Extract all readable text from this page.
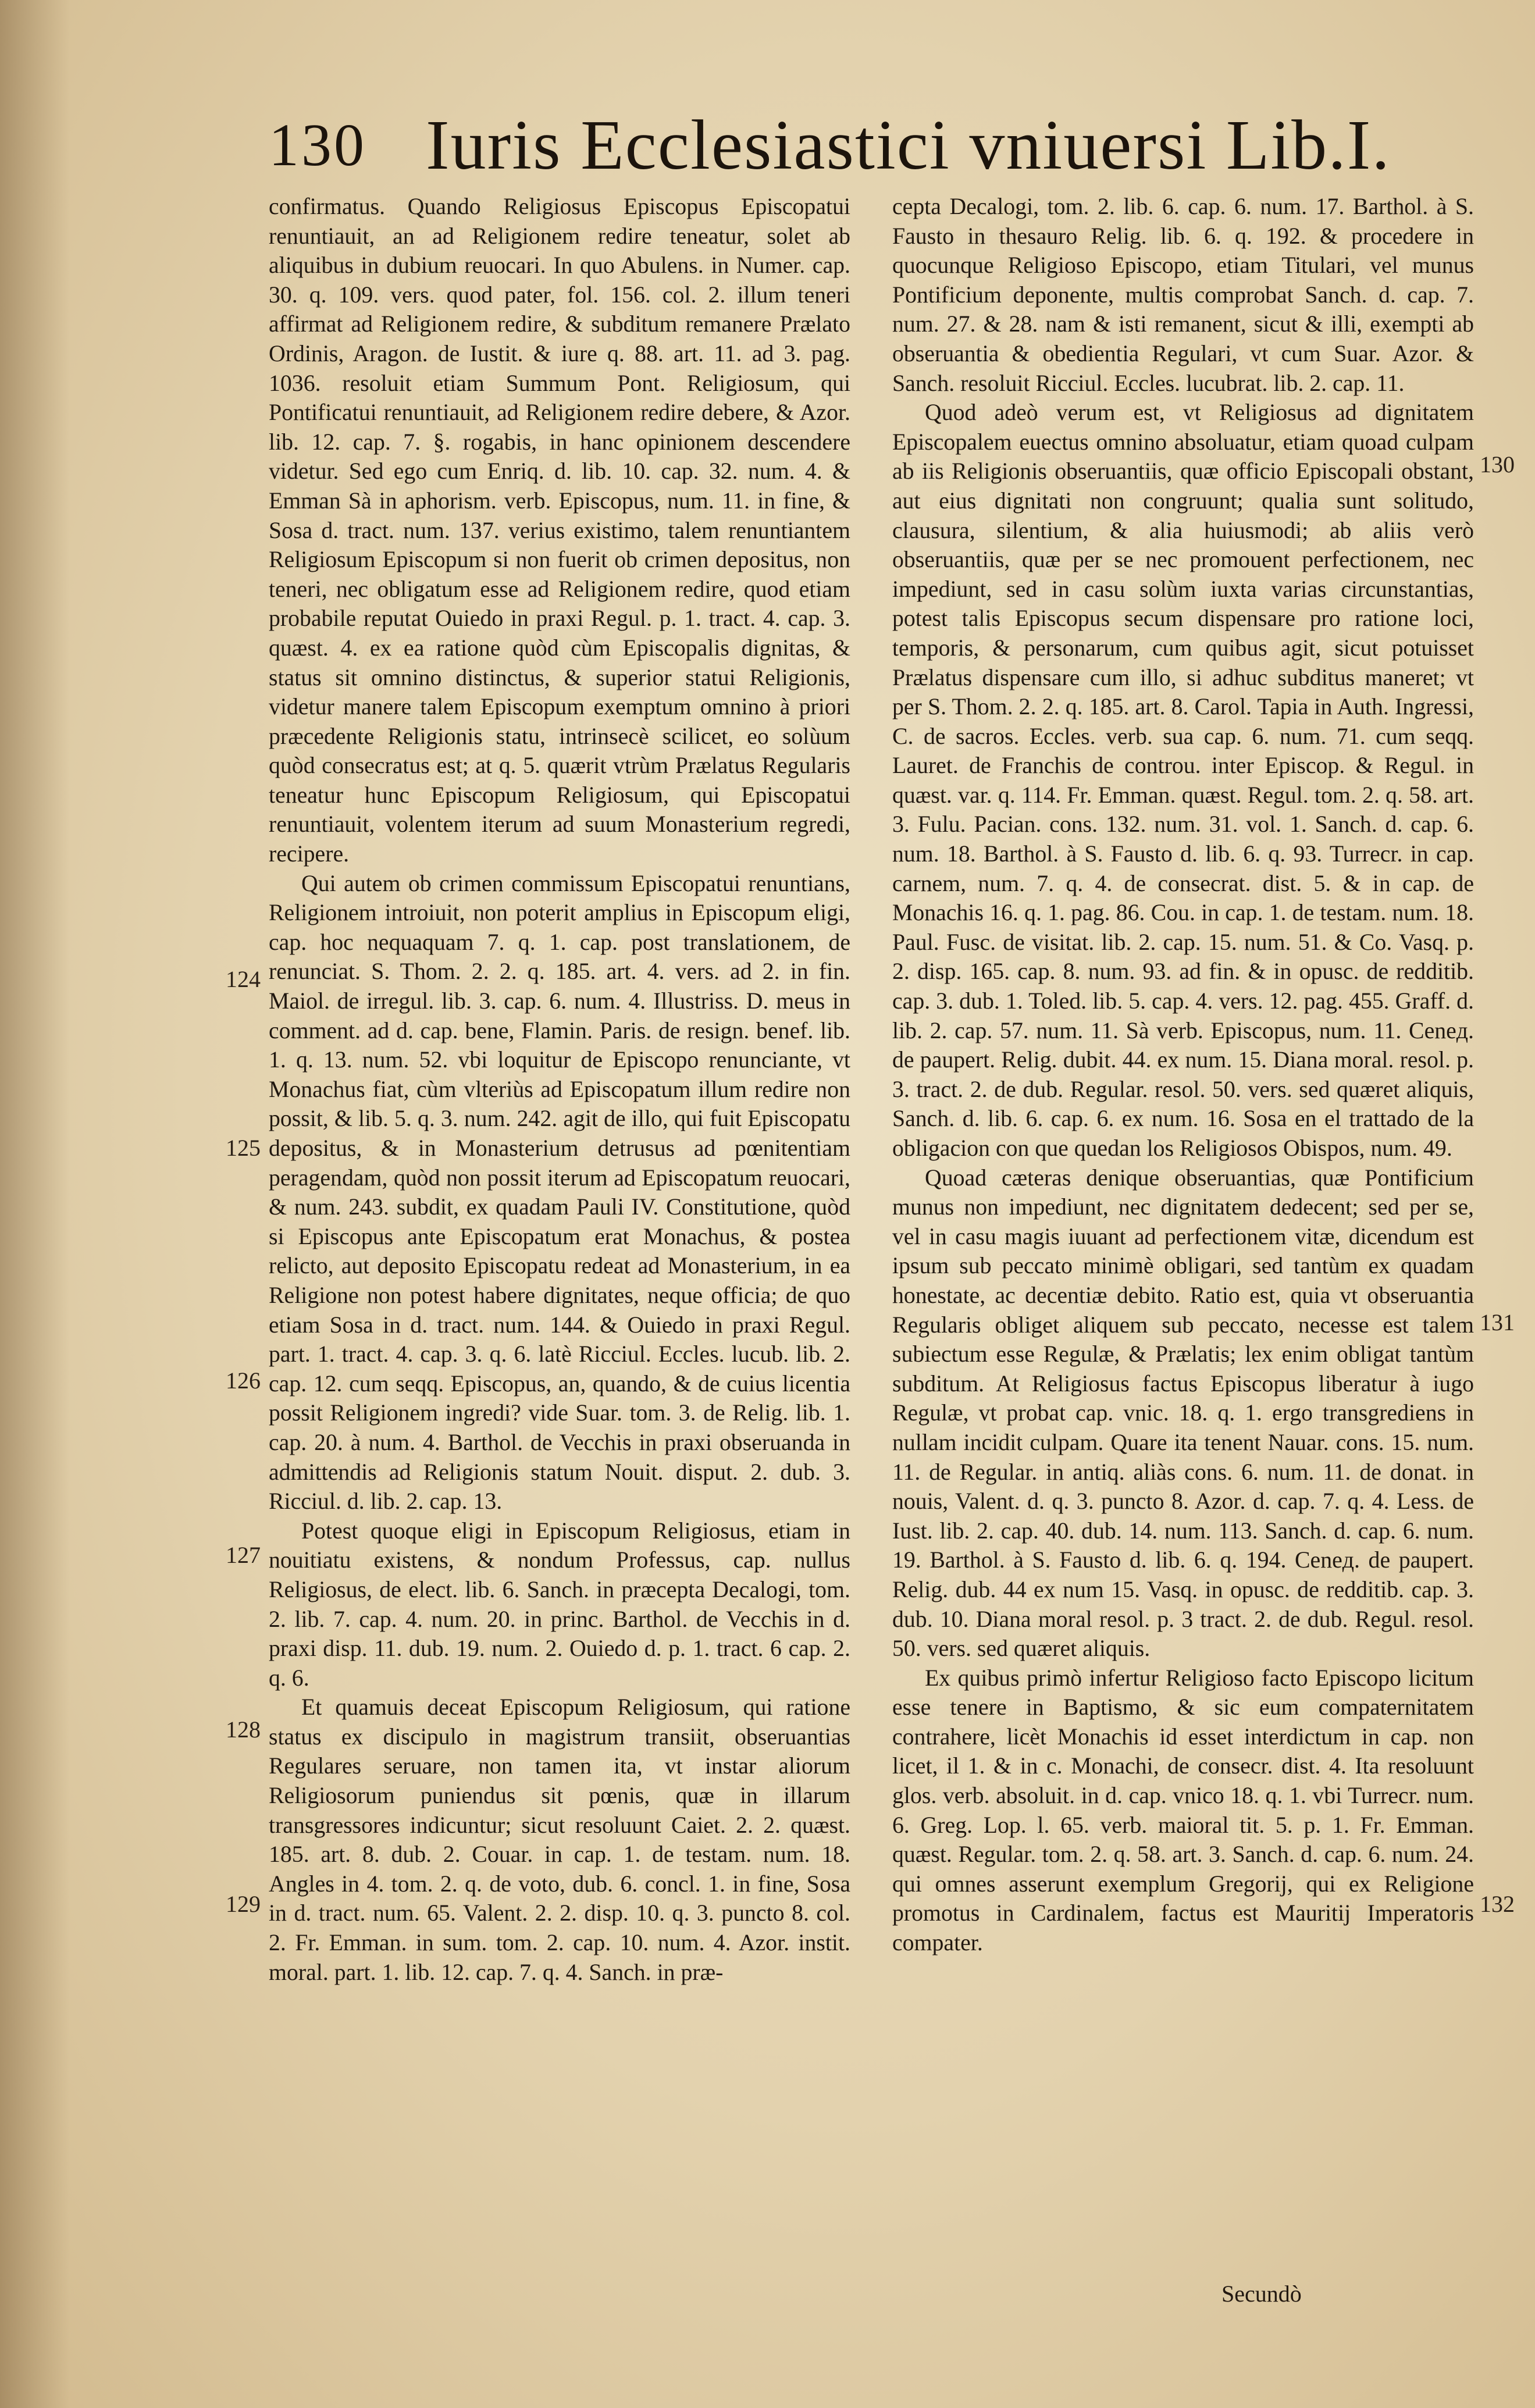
130 Iuris Ecclesiastici vniuersi Lib.I.

confirmatus. Quando Religiosus Episcopus Episcopatui renuntiauit, an ad Religionem redire teneatur, solet ab aliquibus in dubium reuocari. In quo Abulens. in Numer. cap. 30. q. 109. vers. quod pater, fol. 156. col. 2. illum teneri affirmat ad Religionem redire, & subditum remanere Prælato Ordinis, Aragon. de Iustit. & iure q. 88. art. 11. ad 3. pag. 1036. resoluit etiam Summum Pont. Religiosum, qui Pontificatui renuntiauit, ad Religionem redire debere, & Azor. lib. 12. cap. 7. §. rogabis, in hanc opinionem descendere videtur. Sed ego cum Enriq. d. lib. 10. cap. 32. num. 4. & Emman Sà in aphorism. verb. Episcopus, num. 11. in fine, & Sosa d. tract. num. 137. verius existimo, talem renuntiantem Religiosum Episcopum si non fuerit ob crimen depositus, non teneri, nec obligatum esse ad Religionem redire, quod etiam probabile reputat Ouiedo in praxi Regul. p. 1. tract. 4. cap. 3. quæst. 4. ex ea ratione quòd cùm Episcopalis dignitas, & status sit omnino distinctus, & superior statui Religionis, videtur manere talem Episcopum exemptum omnino à priori præcedente Religionis statu, intrinsecè scilicet, eo solùum quòd consecratus est; at q. 5. quærit vtrùm Prælatus Regularis teneatur hunc Episcopum Religiosum, qui Episcopatui renuntiauit, volentem iterum ad suum Monasterium regredi, recipere.

Qui autem ob crimen commissum Episcopatui renuntians, Religionem introiuit, non poterit amplius in Episcopum eligi, cap. hoc nequaquam 7. q. 1. cap. post translationem, de renunciat. S. Thom. 2. 2. q. 185. art. 4. vers. ad 2. in fin. Maiol. de irregul. lib. 3. cap. 6. num. 4. Illustriss. D. meus in comment. ad d. cap. bene, Flamin. Paris. de resign. benef. lib. 1. q. 13. num. 52. vbi loquitur de Episcopo renunciante, vt Monachus fiat, cùm vlteriùs ad Episcopatum illum redire non possit, & lib. 5. q. 3. num. 242. agit de illo, qui fuit Episcopatu depositus, & in Monasterium detrusus ad pœnitentiam peragendam, quòd non possit iterum ad Episcopatum reuocari, & num. 243. subdit, ex quadam Pauli IV. Constitutione, quòd si Episcopus ante Episcopatum erat Monachus, & postea relicto, aut deposito Episcopatu redeat ad Monasterium, in ea Religione non potest habere dignitates, neque officia; de quo etiam Sosa in d. tract. num. 144. & Ouiedo in praxi Regul. part. 1. tract. 4. cap. 3. q. 6. latè Ricciul. Eccles. lucub. lib. 2. cap. 12. cum seqq. Episcopus, an, quando, & de cuius licentia possit Religionem ingredi? vide Suar. tom. 3. de Relig. lib. 1. cap. 20. à num. 4. Barthol. de Vecchis in praxi obseruanda in admittendis ad Religionis statum Nouit. disput. 2. dub. 3. Ricciul. d. lib. 2. cap. 13.

Potest quoque eligi in Episcopum Religiosus, etiam in nouitiatu existens, & nondum Professus, cap. nullus Religiosus, de elect. lib. 6. Sanch. in præcepta Decalogi, tom. 2. lib. 7. cap. 4. num. 20. in princ. Barthol. de Vecchis in d. praxi disp. 11. dub. 19. num. 2. Ouiedo d. p. 1. tract. 6 cap. 2. q. 6.

Et quamuis deceat Episcopum Religiosum, qui ratione status ex discipulo in magistrum transiit, obseruantias Regulares seruare, non tamen ita, vt instar aliorum Religiosorum puniendus sit pœnis, quæ in illarum transgressores indicuntur; sicut resoluunt Caiet. 2. 2. quæst. 185. art. 8. dub. 2. Couar. in cap. 1. de testam. num. 18. Angles in 4. tom. 2. q. de voto, dub. 6. concl. 1. in fine, Sosa in d. tract. num. 65. Valent. 2. 2. disp. 10. q. 3. puncto 8. col. 2. Fr. Emman. in sum. tom. 2. cap. 10. num. 4. Azor. instit. moral. part. 1. lib. 12. cap. 7. q. 4. Sanch. in præ-

cepta Decalogi, tom. 2. lib. 6. cap. 6. num. 17. Barthol. à S. Fausto in thesauro Relig. lib. 6. q. 192. & procedere in quocunque Religioso Episcopo, etiam Titulari, vel munus Pontificium deponente, multis comprobat Sanch. d. cap. 7. num. 27. & 28. nam & isti remanent, sicut & illi, exempti ab obseruantia & obedientia Regulari, vt cum Suar. Azor. & Sanch. resoluit Ricciul. Eccles. lucubrat. lib. 2. cap. 11.

Quod adeò verum est, vt Religiosus ad dignitatem Episcopalem euectus omnino absoluatur, etiam quoad culpam ab iis Religionis obseruantiis, quæ officio Episcopali obstant, aut eius dignitati non congruunt; qualia sunt solitudo, clausura, silentium, & alia huiusmodi; ab aliis verò obseruantiis, quæ per se nec promouent perfectionem, nec impediunt, sed in casu solùm iuxta varias circunstantias, potest talis Episcopus secum dispensare pro ratione loci, temporis, & personarum, cum quibus agit, sicut potuisset Prælatus dispensare cum illo, si adhuc subditus maneret; vt per S. Thom. 2. 2. q. 185. art. 8. Carol. Tapia in Auth. Ingressi, C. de sacros. Eccles. verb. sua cap. 6. num. 71. cum seqq. Lauret. de Franchis de controu. inter Episcop. & Regul. in quæst. var. q. 114. Fr. Emman. quæst. Regul. tom. 2. q. 58. art. 3. Fulu. Pacian. cons. 132. num. 31. vol. 1. Sanch. d. cap. 6. num. 18. Barthol. à S. Fausto d. lib. 6. q. 93. Turrecr. in cap. carnem, num. 7. q. 4. de consecrat. dist. 5. & in cap. de Monachis 16. q. 1. pag. 86. Cou. in cap. 1. de testam. num. 18. Paul. Fusc. de visitat. lib. 2. cap. 15. num. 51. & Co. Vasq. p. 2. disp. 165. cap. 8. num. 93. ad fin. & in opusc. de redditib. cap. 3. dub. 1. Toled. lib. 5. cap. 4. vers. 12. pag. 455. Graff. d. lib. 2. cap. 57. num. 11. Sà verb. Episcopus, num. 11. Ceneд. de paupert. Relig. dubit. 44. ex num. 15. Diana moral. resol. p. 3. tract. 2. de dub. Regular. resol. 50. vers. sed quæret aliquis, Sanch. d. lib. 6. cap. 6. ex num. 16. Sosa en el trattado de la obligacion con que quedan los Religiosos Obispos, num. 49.

Quoad cæteras denique obseruantias, quæ Pontificium munus non impediunt, nec dignitatem dedecent; sed per se, vel in casu magis iuuant ad perfectionem vitæ, dicendum est ipsum sub peccato minimè obligari, sed tantùm ex quadam honestate, ac decentiæ debito. Ratio est, quia vt obseruantia Regularis obliget aliquem sub peccato, necesse est talem subiectum esse Regulæ, & Prælatis; lex enim obligat tantùm subditum. At Religiosus factus Episcopus liberatur à iugo Regulæ, vt probat cap. vnic. 18. q. 1. ergo transgrediens in nullam incidit culpam. Quare ita tenent Nauar. cons. 15. num. 11. de Regular. in antiq. aliàs cons. 6. num. 11. de donat. in nouis, Valent. d. q. 3. puncto 8. Azor. d. cap. 7. q. 4. Less. de Iust. lib. 2. cap. 40. dub. 14. num. 113. Sanch. d. cap. 6. num. 19. Barthol. à S. Fausto d. lib. 6. q. 194. Ceneд. de paupert. Relig. dub. 44 ex num 15. Vasq. in opusc. de redditib. cap. 3. dub. 10. Diana moral resol. p. 3 tract. 2. de dub. Regul. resol. 50. vers. sed quæret aliquis.

Ex quibus primò infertur Religioso facto Episcopo licitum esse tenere in Baptismo, & sic eum compaternitatem contrahere, licèt Monachis id esset interdictum in cap. non licet, il 1. & in c. Monachi, de consecr. dist. 4. Ita resoluunt glos. verb. absoluit. in d. cap. vnico 18. q. 1. vbi Turrecr. num. 6. Greg. Lop. l. 65. verb. maioral tit. 5. p. 1. Fr. Emman. quæst. Regular. tom. 2. q. 58. art. 3. Sanch. d. cap. 6. num. 24. qui omnes asserunt exemplum Gregorij, qui ex Religione promotus in Cardinalem, factus est Mauritij Imperatoris compater.

124
125
126
127
128
129
130
131
132
Secundò
